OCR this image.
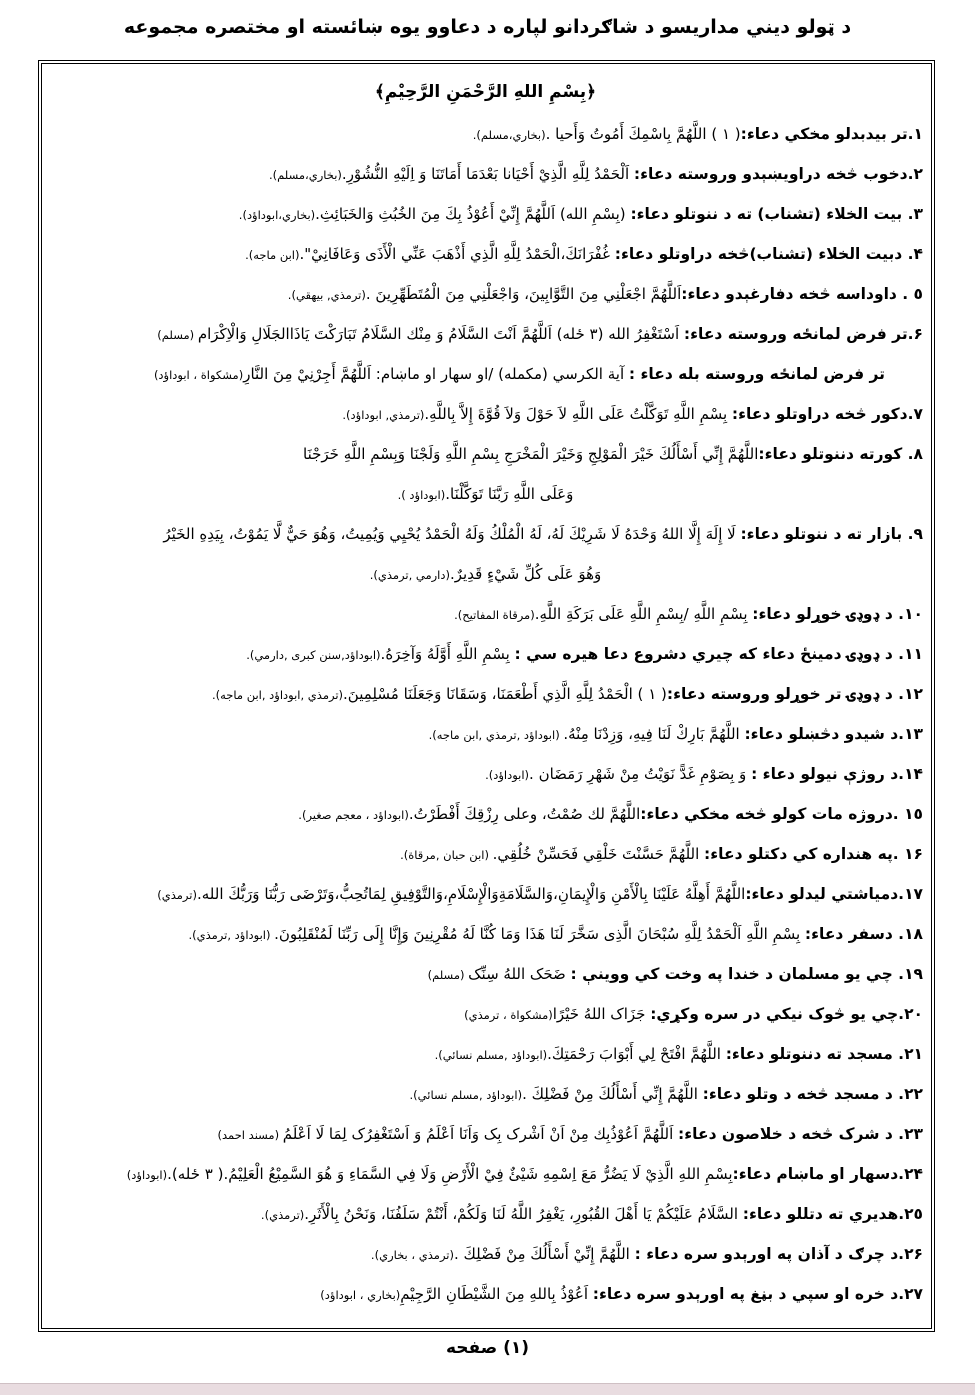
د ټولو ديني مداريسو د شاګردانو لپاره د دعاوو يوه ښائسته او مختصره مجموعه
﴿بِسْمِ اللهِ الرَّحْمَنِ الرَّحِيْمِ﴾
١.تر بيدبدلو مخكي دعاء:( ١ ) اللَّهُمَّ بِاسْمِكَ أَمُوتُ وَأَحيا .(بخاري،مسلم).
٢.دخوب څخه دراويښېدو وروسته دعاء: اَلْحَمْدُ لِلَّهِ الَّذِيْ أَحْيَانا بَعْدَمَا أَمَاتَنَا وَ اِلَيْهِ النُّشُوْرِ.(بخاري،مسلم).
٣. بيت الخلاء (تشناب) ته د ننوتلو دعاء: (بِسْمِ الله) اَللَّهُمَّ إِنِّيْ أَعُوْذُ بِكَ مِنَ الخُبُثِ وَالخَبَائِثِ.(بخاري،ابوداؤد).
۴. دبيت الخلاء (تشناب)څخه دراوتلو دعاء: غُفْرَانَكَ،الْحَمْدُ لِلَّهِ الَّذِي أَذْهَبَ عَنِّي الْأَذَى وَعَافَانِيْ".(ابن ماجه).
٥ . داوداسه څخه دفارغېدو دعاء:اَللَّهُمَّ اجْعَلْنِي مِنَ التَّوَّابِينَ، وَاجْعَلْنِي مِنَ الْمُتَطَهِّرِينَ .(ترمذي, بيهقي).
۶.تر فرض لمانځه وروسته دعاء: اَسْتَغْفِرُ الله (٣ ځله) اَللَّهُمَّ اَنْتَ السَّلَامُ وَ مِنْك السَّلَامُ تَبَارَكْتَ يَاذَاالجَلَالِ وَالْاِكْرَام (مسلم)
تر فرض لمانځه وروسته بله دعاء : آية الكرسي (مكمله) /او سهار او ماښام: اَللَّهُمَّ أَجِرْنِيْ مِنَ النَّارِ(مشكواة ، ابوداؤد)
٧.دكور څخه دراوتلو دعاء: بِسْمِ اللَّهِ تَوَكَّلْتُ عَلَى اللَّهِ لاَ حَوْلَ وَلاَ قُوَّةَ إِلاَّ بِاللَّهِ.(ترمذي, ابوداؤد).
٨. كورته دننوتلو دعاء:اللَّهُمَّ إِنِّي أَسْأَلُكَ خَيْرَ الْمَوْلِجِ وَخَيْرَ الْمَخْرَجِ بِسْمِ اللَّهِ وَلَجْنَا وَبِسْمِ اللَّهِ خَرَجْنَا
وَعَلَى اللَّهِ رَبَّنَا تَوَكَّلْنَا.(ابوداؤد ).
٩. بازار ته د ننوتلو دعاء: لَا إِلَهَ إِلَّا اللهُ وَحْدَهُ لَا شَرِيْكَ لَهُ، لَهُ الْمُلْكُ وَلَهُ الْحَمْدُ يُحْيِي وَيُمِيتُ، وَهُوَ حَيٌّ لَّا يَمُوْتُ، بِيَدِهِ الخَيْرُ
وَهُوَ عَلَى كُلِّ شَيْءٍ قَدِيرٌ.(دارمي ,ترمذي).
١٠. د ډوډۍ خوړلو دعاء: بِسْمِ اللَّهِ /بِسْمِ اللَّهِ عَلَى بَرَكَةِ اللَّهِ.(مرقاة المفاتيح).
١١. د ډوډۍ دمينځ دعاء كه چيري دشروع دعا هيره سي : بِسْمِ اللَّهِ أَوَّلَهُ وَآخِرَهُ.(ابوداؤد,سنن كبرى ,دارمي).
١٢. د ډوډۍ تر خوړلو وروسته دعاء:( ١ ) الْحَمْدُ لِلَّهِ الَّذِي أَطْعَمَنَا، وَسَقَانَا وَجَعَلَنَا مُسْلِمِينَ.(ترمذي ,ابوداؤد ,ابن ماجه).
١٣.د شيدو دڅښلو دعاء: اللَّهُمَّ بَارِكْ لَنَا فِيهِ، وَزِدْنَا مِنْهُ. (ابوداؤد ,ترمذي ,ابن ماجه).
١۴.د روژې نيولو دعاء : وَ بِصَوْمِ غَدًّ نَوَيْتُ مِنْ شَهْرِ رَمَضَان .(ابوداؤد).
١٥ .دروژه مات كولو څخه مخكي دعاء:اللَّهُمَّ لك صُمْتُ، وعلى رِزْقِكَ أَفْطَرْتُ.(ابوداؤد ، معجم صغير).
١۶ .په هنداره كي دكتلو دعاء: اللَّهُمَّ حَسَّنْتَ خَلْقِي فَحَسِّنْ خُلُقِي. (ابن حبان ,مرقاة).
١٧.دمياشتي ليدلو دعاء:اللَّهُمَّ أَهِلَّهُ عَلَيْنَا بِالْأَمْنِ وَالْإِيمَانِ،وَالسَّلَامَةِوَالْإِسْلَامِ،وَالتَّوْفِيقِ لِمَاتُحِبُّ،وَتَرْضَى رَبُّنَا وَرَبُّكَ الله.(ترمذي)
١٨. دسفر دعاء: بِسْمِ اللَّهِ اَلْحَمْدُ لِلَّهِ سُبْحَانَ الَّذِى سَخَّرَ لَنَا هَذَا وَمَا كُنَّا لَهُ مُقْرِنِينَ وَإِنَّا إِلَى رَبِّنَا لَمُنْقَلِبُونَ. (ابوداؤد ,ترمذي).
١٩. چي يو مسلمان د خندا په وخت كي ووينې : ضَحَک اللهُ سِنِّک (مسلم)
٢٠.چي يو څوک نيكي در سره وكړي: جَزَاک اللهُ خَيْرًا(مشكواة ، ترمذي)
٢١. مسجد ته دننوتلو دعاء: اللَّهُمَّ افْتَحْ لِي أَبْوَابَ رَحْمَتِكَ.(ابوداؤد ,مسلم نسائي).
٢٢. د مسجد څخه د وتلو دعاء: اللَّهُمَّ إِنِّي أَسْأَلُكَ مِنْ فَضْلِكَ .(ابوداؤد ,مسلم نسائي).
٢٣. د شرک څخه د خلاصون دعاء: اَللَّهُمَّ اَعُوْذُبِك مِنْ اَنْ اَشْرک بِک وَاَنَا اَعْلَمُ وَ اَسْتَغْفِرُک لِمَا لَا اَعْلَمُ (مسند احمد)
٢۴.دسهار او ماښام دعاء:بِسْمِ اللهِ الَّذِيْ لَا يَضُرُّ مَعَ اِسْمِهِ شَيْئٌ فِيْ الْأَرْضِ وَلَا فِي السَّمَاءِ وَ هُوَ السَّمِيْعُ الْعَلِيْمُ.( ٣ ځله).(ابوداؤد)
٢٥.هديري ته دتللو دعاء: السَّلَامُ عَلَيْكُمْ يَا أَهْلَ القُبُورِ، يَغْفِرُ اللَّهُ لَنَا وَلَكُمْ، أَنْتُمْ سَلَفُنَا، وَنَحْنُ بِالْأَثَرِ.(ترمذي).
٢۶.د چرګ د آذان په اورېدو سره دعاء : اللَّهُمَّ إِنِّيْ أَسْأَلُكَ مِنْ فَضْلِكَ .(ترمذي ، بخاري).
٢٧.د خره او سپي د بڼغ په اورېدو سره دعاء: اَعُوْذُ بِاللهِ مِنَ الشَّيْطَانِ الرَّجِيْمِ(بخاري ، ابوداؤد)
(١) صفحه
